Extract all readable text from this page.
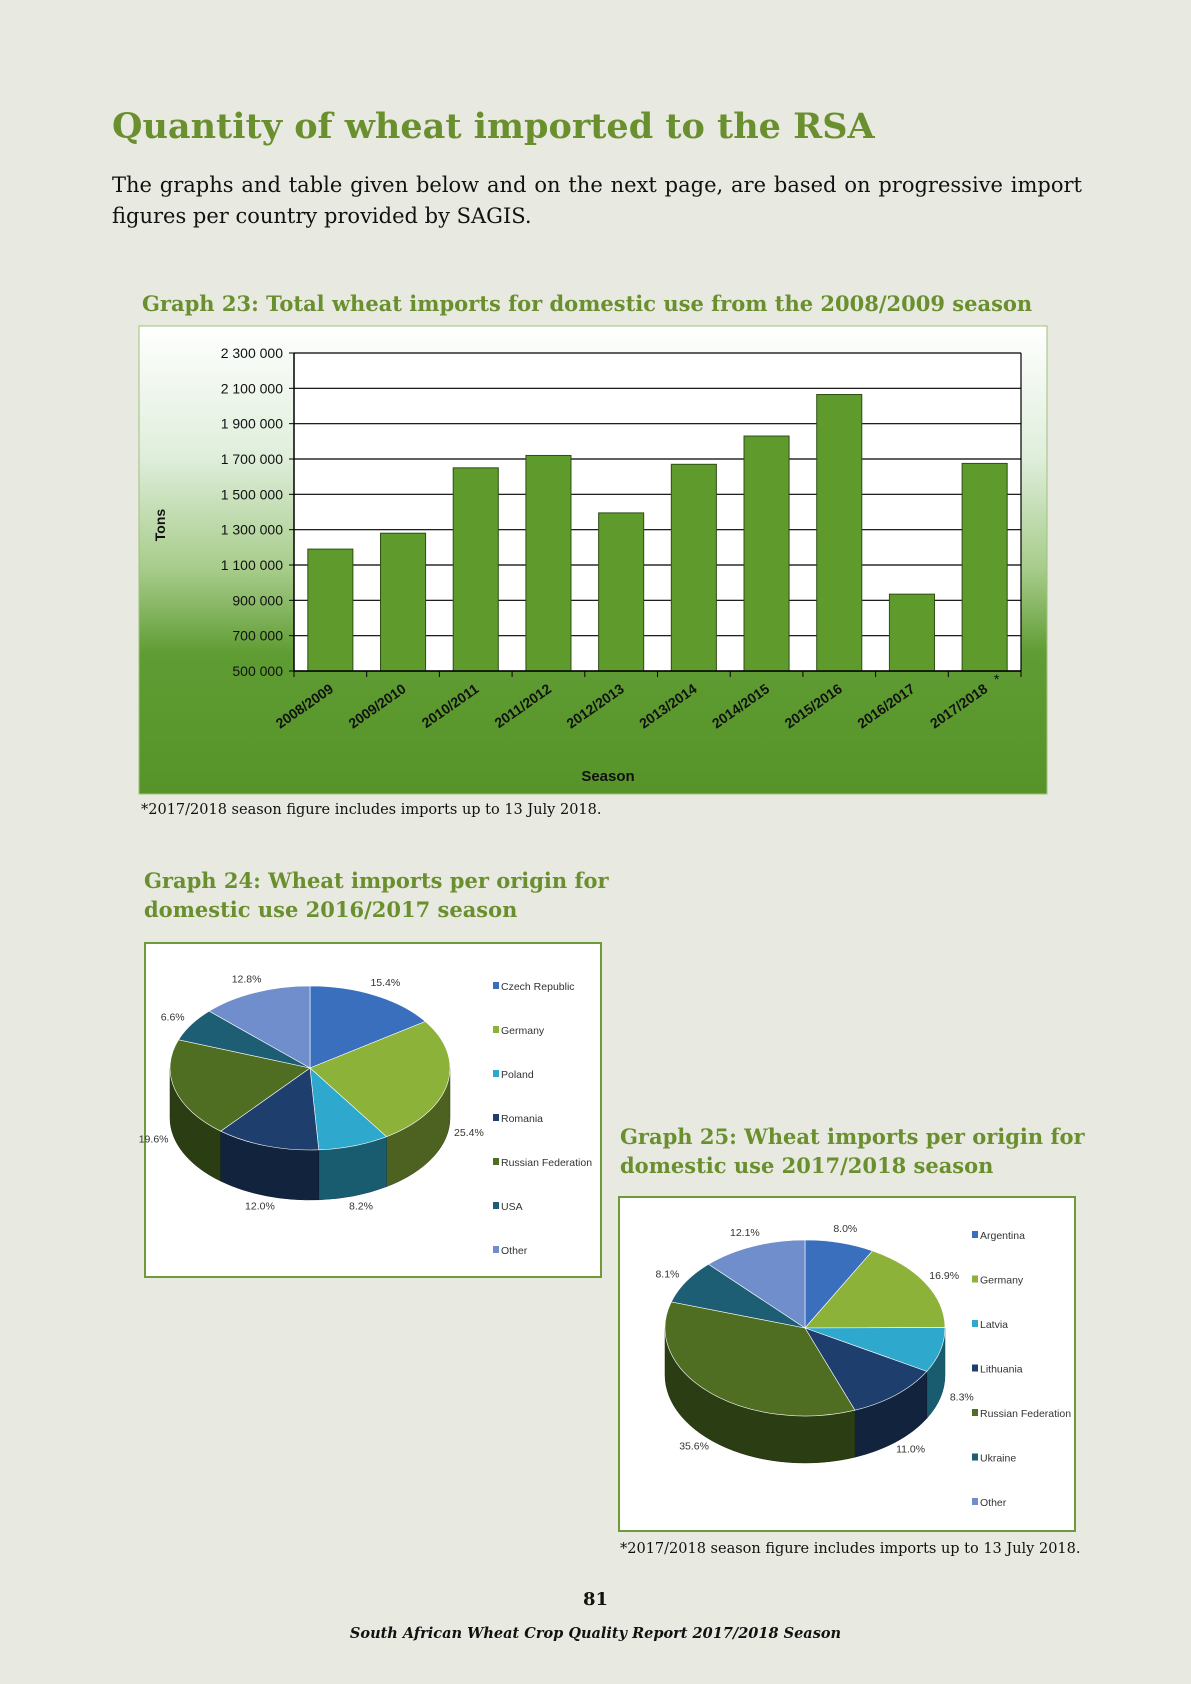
Quantity of wheat imported to the RSA
The graphs and table given below and on the next page, are based on progressive import figures per country provided by SAGIS.
Graph 23: Total wheat imports for domestic use from the 2008/2009 season
500 000
700 000
900 000
1 100 000
1 300 000
1 500 000
1 700 000
1 900 000
2 100 000
2 300 000
2008/2009 2009/2010 2010/2011 2011/2012 2012/2013 2013/2014 2014/2015 2015/2016 2016/2017 2017/2018
Tons
Season
*
*2017/2018 season figure includes imports up to 13 July 2018.
Graph 24: Wheat imports per origin for
domestic use 2016/2017 season
15.4%
25.4%
8.2%
12.0%
19.6%
6.6%
12.8%
Czech Republic
Germany
Poland
Romania
Russian Federation
USA
Other
Graph 25: Wheat imports per origin for
domestic use 2017/2018 season
8.0%
16.9%
8.3%
11.0%
35.6%
8.1%
12.1%	Argentina
Germany
Latvia
Lithuania
Russian Federation
Ukraine
Other
*2017/2018 season figure includes imports up to 13 July 2018.
81
South African Wheat Crop Quality Report 2017/2018 Season
